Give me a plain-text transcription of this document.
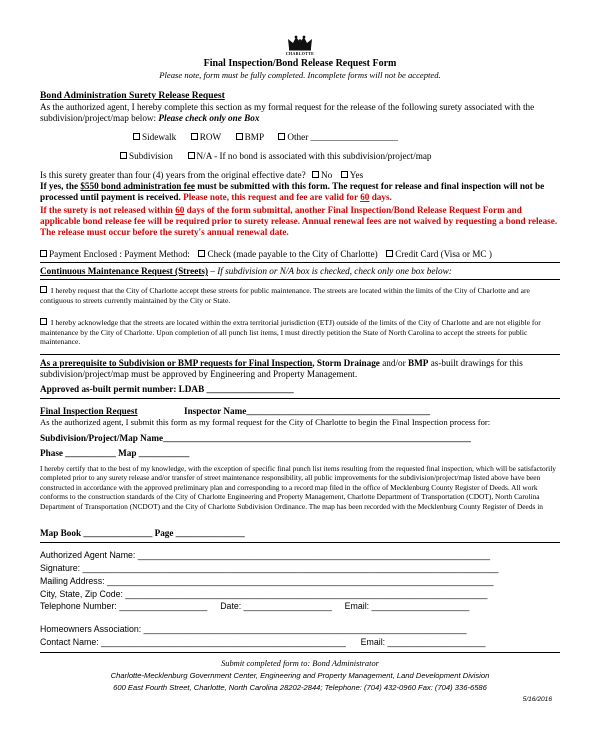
CHARLOTTE
Final Inspection/Bond Release Request Form
Please note, form must be fully completed. Incomplete forms will not be accepted.
Bond Administration Surety Release Request
As the authorized agent, I hereby complete this section as my formal request for the release of the following surety associated with the subdivision/project/map below: Please check only one Box
Sidewalk	ROW	BMP	Other ___________________
Subdivision	N/A - If no bond is associated with this subdivision/project/map
Is this surety greater than four (4) years from the original effective date? No Yes
If yes, the $550 bond administration fee must be submitted with this form. The request for release and final inspection will not be processed until payment is received. Please note, this request and fee are valid for 60 days.
If the surety is not released within 60 days of the form submittal, another Final Inspection/Bond Release Request Form and applicable bond release fee will be required prior to surety release. Annual renewal fees are not waived by requesting a bond release. The release must occur before the surety's annual renewal date.
Payment Enclosed : Payment Method: Check (made payable to the City of Charlotte) Credit Card (Visa or MC )
Continuous Maintenance Request (Streets) – If subdivision or N/A box is checked, check only one box below:
I hereby request that the City of Charlotte accept these streets for public maintenance. The streets are located within the limits of the City of Charlotte and are contiguous to streets currently maintained by the City or State.
I hereby acknowledge that the streets are located within the extra territorial jurisdiction (ETJ) outside of the limits of the City of Charlotte and are not eligible for maintenance by the City of Charlotte. Upon completion of all punch list items, I must directly petition the State of North Carolina to accept the streets for public maintenance.
As a prerequisite to Subdivision or BMP requests for Final Inspection, Storm Drainage and/or BMP as-built drawings for this subdivision/project/map must be approved by Engineering and Property Management.
Approved as-built permit number: LDAB ___________________
Final Inspection Request	Inspector Name________________________________________
As the authorized agent, I submit this form as my formal request for the City of Charlotte to begin the Final Inspection process for:
Subdivision/Project/Map Name___________________________________________________________________
Phase ___________ Map ___________
I hereby certify that to the best of my knowledge, with the exception of specific final punch list items resulting from the requested final inspection, which will be satisfactorily completed prior to any surety release and/or transfer of street maintenance responsibility, all public improvements for the subdivision/project/map listed above have been constructed in accordance with the approved preliminary plan and corresponding to a record map filed in the office of Mecklenburg County Register of Deeds. All work conforms to the construction standards of the City of Charlotte Engineering and Property Management, Charlotte Department of Transportation (CDOT), North Carolina Department of Transportation (NCDOT) and the City of Charlotte Subdivision Ordinance. The map has been recorded with the Mecklenburg County Register of Deeds in
Map Book _______________ Page _______________
Authorized Agent Name: ________________________________________________________________________
Signature: _____________________________________________________________________________________
Mailing Address: _______________________________________________________________________________
City, State, Zip Code: __________________________________________________________________________
Telephone Number: __________________ Date: __________________ Email: ____________________
Homeowners Association: __________________________________________________________________
Contact Name: __________________________________________________ Email: ____________________
Submit completed form to: Bond Administrator
Charlotte-Mecklenburg Government Center, Engineering and Property Management, Land Development Division
600 East Fourth Street, Charlotte, North Carolina 28202-2844; Telephone: (704) 432-0960 Fax: (704) 336-6586
5/16/2016
